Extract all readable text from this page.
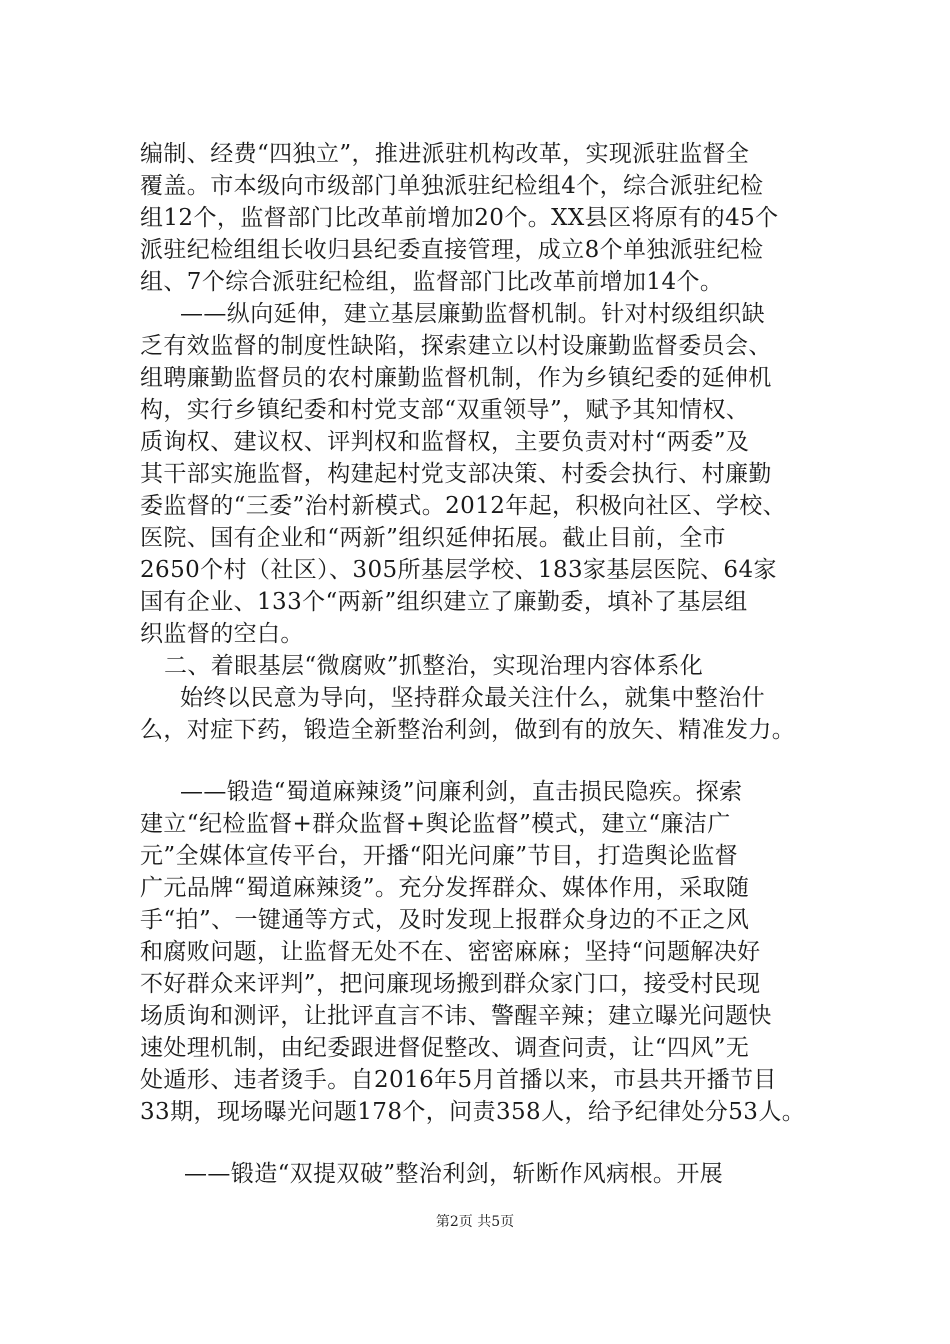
编制、经费“四独立”，推进派驻机构改革，实现派驻监督全
覆盖。市本级向市级部门单独派驻纪检组4个，综合派驻纪检
组12个，监督部门比改革前增加20个。XX县区将原有的45个
派驻纪检组组长收归县纪委直接管理，成立8个单独派驻纪检
组、7个综合派驻纪检组，监督部门比改革前增加14个。
——纵向延伸，建立基层廉勤监督机制。针对村级组织缺
乏有效监督的制度性缺陷，探索建立以村设廉勤监督委员会、
组聘廉勤监督员的农村廉勤监督机制，作为乡镇纪委的延伸机
构，实行乡镇纪委和村党支部“双重领导”，赋予其知情权、
质询权、建议权、评判权和监督权，主要负责对村“两委”及
其干部实施监督，构建起村党支部决策、村委会执行、村廉勤
委监督的“三委”治村新模式。2012年起，积极向社区、学校、
医院、国有企业和“两新”组织延伸拓展。截止目前，全市
2650个村（社区）、305所基层学校、183家基层医院、64家
国有企业、133个“两新”组织建立了廉勤委，填补了基层组
织监督的空白。
二、着眼基层“微腐败”抓整治，实现治理内容体系化
始终以民意为导向，坚持群众最关注什么，就集中整治什
么，对症下药，锻造全新整治利剑，做到有的放矢、精准发力。
——锻造“蜀道麻辣烫”问廉利剑，直击损民隐疾。探索
建立“纪检监督+群众监督+舆论监督”模式，建立“廉洁广
元”全媒体宣传平台，开播“阳光问廉”节目，打造舆论监督
广元品牌“蜀道麻辣烫”。充分发挥群众、媒体作用，采取随
手“拍”、一键通等方式，及时发现上报群众身边的不正之风
和腐败问题，让监督无处不在、密密麻麻；坚持“问题解决好
不好群众来评判”，把问廉现场搬到群众家门口，接受村民现
场质询和测评，让批评直言不讳、警醒辛辣；建立曝光问题快
速处理机制，由纪委跟进督促整改、调查问责，让“四风”无
处遁形、违者烫手。自2016年5月首播以来，市县共开播节目
33期，现场曝光问题178个，问责358人，给予纪律处分53人。
——锻造“双提双破”整治利剑，斩断作风病根。开展
第2页 共5页
